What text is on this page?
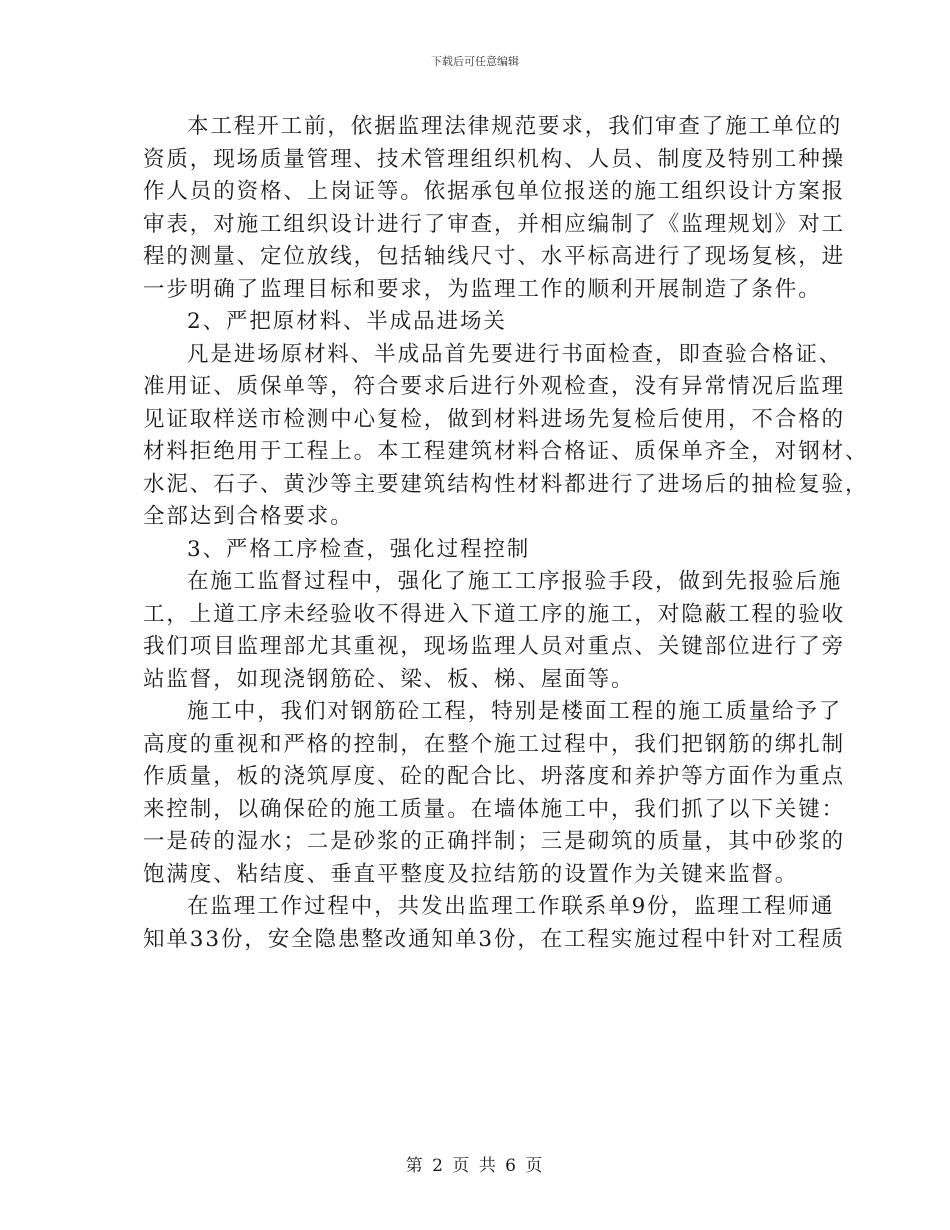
下载后可任意编辑
本工程开工前，依据监理法律规范要求，我们审查了施工单位的
资质，现场质量管理、技术管理组织机构、人员、制度及特别工种操
作人员的资格、上岗证等。依据承包单位报送的施工组织设计方案报
审表，对施工组织设计进行了审查，并相应编制了《监理规划》对工
程的测量、定位放线，包括轴线尺寸、水平标高进行了现场复核，进
一步明确了监理目标和要求，为监理工作的顺利开展制造了条件。
2、严把原材料、半成品进场关
凡是进场原材料、半成品首先要进行书面检查，即查验合格证、
准用证、质保单等，符合要求后进行外观检查，没有异常情况后监理
见证取样送市检测中心复检，做到材料进场先复检后使用，不合格的
材料拒绝用于工程上。本工程建筑材料合格证、质保单齐全，对钢材、
水泥、石子、黄沙等主要建筑结构性材料都进行了进场后的抽检复验，
全部达到合格要求。
3、严格工序检查，强化过程控制
在施工监督过程中，强化了施工工序报验手段，做到先报验后施
工，上道工序未经验收不得进入下道工序的施工，对隐蔽工程的验收
我们项目监理部尤其重视，现场监理人员对重点、关键部位进行了旁
站监督，如现浇钢筋砼、梁、板、梯、屋面等。
施工中，我们对钢筋砼工程，特别是楼面工程的施工质量给予了
高度的重视和严格的控制，在整个施工过程中，我们把钢筋的绑扎制
作质量，板的浇筑厚度、砼的配合比、坍落度和养护等方面作为重点
来控制，以确保砼的施工质量。在墙体施工中，我们抓了以下关键：
一是砖的湿水；二是砂浆的正确拌制；三是砌筑的质量，其中砂浆的
饱满度、粘结度、垂直平整度及拉结筋的设置作为关键来监督。
在监理工作过程中，共发出监理工作联系单9份，监理工程师通
知单33份，安全隐患整改通知单3份，在工程实施过程中针对工程质
第 2 页 共 6 页
